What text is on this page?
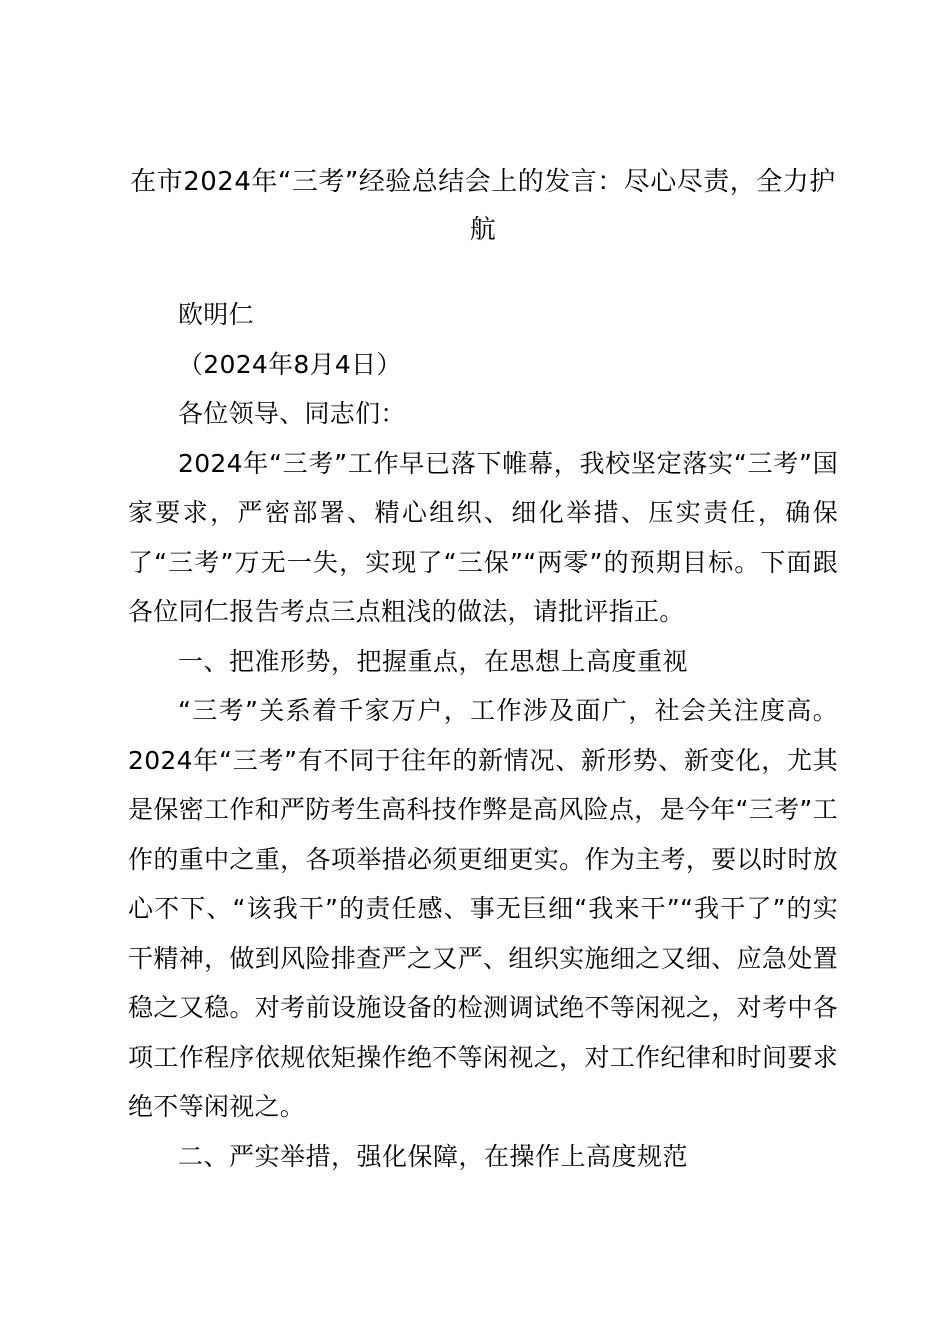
在市2024年“三考”经验总结会上的发言：尽心尽责，全力护航

欧明仁

（2024年8月4日）

各位领导、同志们：

2024年“三考”工作早已落下帷幕，我校坚定落实“三考”国家要求，严密部署、精心组织、细化举措、压实责任，确保了“三考”万无一失，实现了“三保”“两零”的预期目标。下面跟各位同仁报告考点三点粗浅的做法，请批评指正。

一、把准形势，把握重点，在思想上高度重视

“三考”关系着千家万户，工作涉及面广，社会关注度高。2024年“三考”有不同于往年的新情况、新形势、新变化，尤其是保密工作和严防考生高科技作弊是高风险点，是今年“三考”工作的重中之重，各项举措必须更细更实。作为主考，要以时时放心不下、“该我干”的责任感、事无巨细“我来干”“我干了”的实干精神，做到风险排查严之又严、组织实施细之又细、应急处置稳之又稳。对考前设施设备的检测调试绝不等闲视之，对考中各项工作程序依规依矩操作绝不等闲视之，对工作纪律和时间要求绝不等闲视之。

二、严实举措，强化保障，在操作上高度规范
